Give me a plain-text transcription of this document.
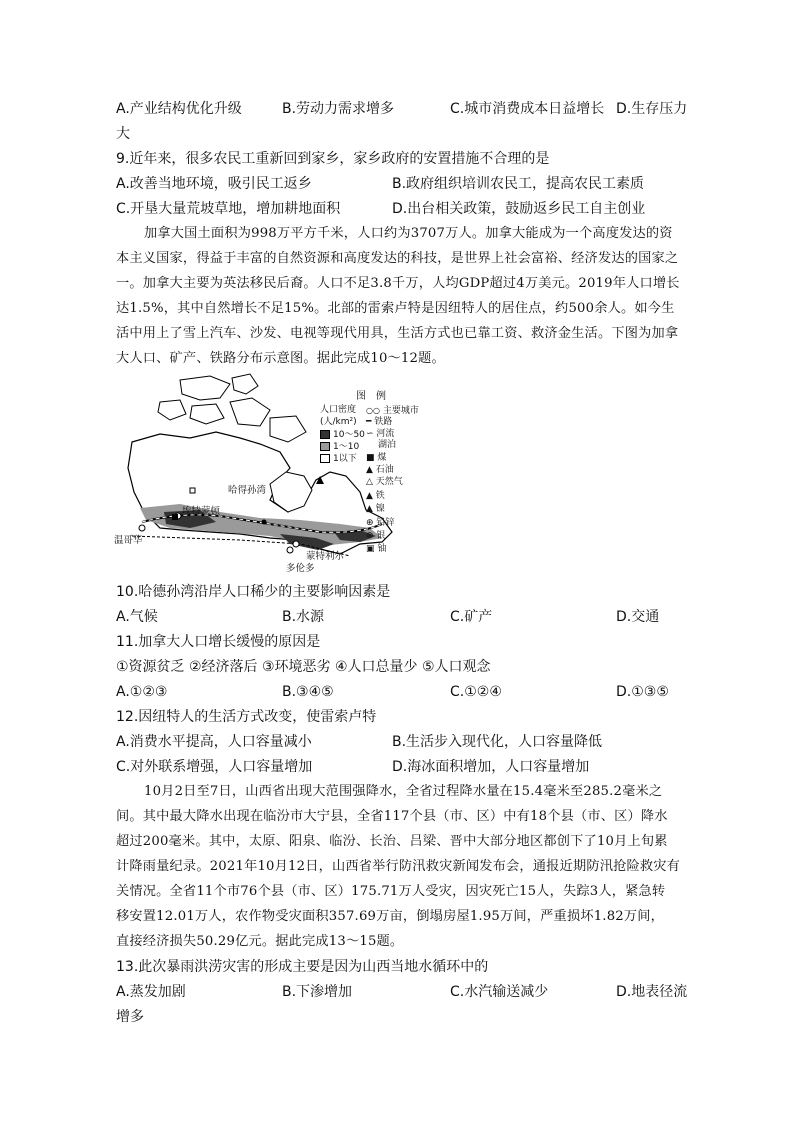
A.产业结构优化升级	B.劳动力需求增多	C.城市消费成本日益增长 D.生存压力
大
9.近年来，很多农民工重新回到家乡，家乡政府的安置措施不合理的是
A.改善当地环境，吸引民工返乡	B.政府组织培训农民工，提高农民工素质
C.开垦大量荒坡草地，增加耕地面积	D.出台相关政策，鼓励返乡民工自主创业
加拿大国土面积为998万平方千米，人口约为3707万人。加拿大能成为一个高度发达的资
本主义国家，得益于丰富的自然资源和高度发达的科技，是世界上社会富裕、经济发达的国家之
一。加拿大主要为英法移民后裔。人口不足3.8千万，人均GDP超过4万美元。2019年人口增长
达1.5%，其中自然增长不足15%。北部的雷索卢特是因纽特人的居住点，约500余人。如今生
活中用上了雪上汽车、沙发、电视等现代用具，生活方式也已靠工资、救济金生活。下图为加拿
大人口、矿产、铁路分布示意图。据此完成10～12题。
哈得孙湾
埃特蒙顿
温哥华
蒙特利尔
多伦多
图　例
人口密度
(人/km²)
10～50
1～10
1以下
○○ 主要城市
━ 铁路
∽ 河流
湖泊
■ 煤
▲ 石油
△ 天然气
▲ 铁
▲ 镍
⊕ 铅锌
⊗ 银
▣ 铀
10.哈德孙湾沿岸人口稀少的主要影响因素是
A.气候	B.水源	C.矿产	D.交通
11.加拿大人口增长缓慢的原因是
①资源贫乏 ②经济落后 ③环境恶劣 ④人口总量少 ⑤人口观念
A.①②③	B.③④⑤	C.①②④	D.①③⑤
12.因纽特人的生活方式改变，使雷索卢特
A.消费水平提高，人口容量减小	B.生活步入现代化，人口容量降低
C.对外联系增强，人口容量增加	D.海冰面积增加，人口容量增加
10月2日至7日，山西省出现大范围强降水，全省过程降水量在15.4毫米至285.2毫米之
间。其中最大降水出现在临汾市大宁县，全省117个县（市、区）中有18个县（市、区）降水
超过200毫米。其中，太原、阳泉、临汾、长治、吕梁、晋中大部分地区都创下了10月上旬累
计降雨量纪录。2021年10月12日，山西省举行防汛救灾新闻发布会，通报近期防汛抢险救灾有
关情况。全省11个市76个县（市、区）175.71万人受灾，因灾死亡15人，失踪3人，紧急转
移安置12.01万人，农作物受灾面积357.69万亩，倒塌房屋1.95万间，严重损坏1.82万间，
直接经济损失50.29亿元。据此完成13～15题。
13.此次暴雨洪涝灾害的形成主要是因为山西当地水循环中的
A.蒸发加剧	B.下渗增加	C.水汽输送减少	D.地表径流
增多
